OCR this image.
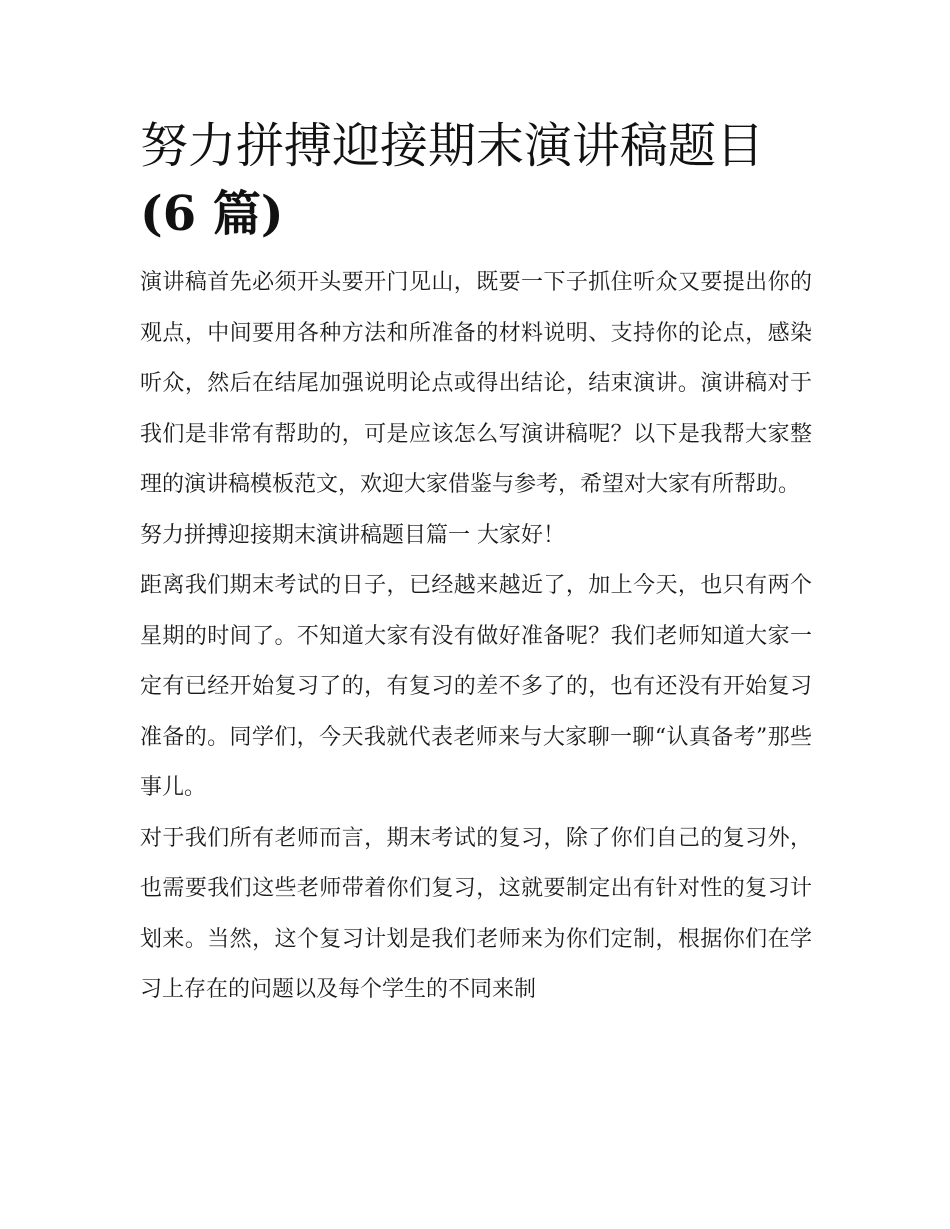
努力拼搏迎接期末演讲稿题目
(6 篇)

演讲稿首先必须开头要开门见山，既要一下子抓住听众又要提出你的观点，中间要用各种方法和所准备的材料说明、支持你的论点，感染听众，然后在结尾加强说明论点或得出结论，结束演讲。演讲稿对于我们是非常有帮助的，可是应该怎么写演讲稿呢？以下是我帮大家整理的演讲稿模板范文，欢迎大家借鉴与参考，希望对大家有所帮助。

努力拼搏迎接期末演讲稿题目篇一 大家好！

距离我们期末考试的日子，已经越来越近了，加上今天，也只有两个星期的时间了。不知道大家有没有做好准备呢？我们老师知道大家一定有已经开始复习了的，有复习的差不多了的，也有还没有开始复习准备的。同学们，今天我就代表老师来与大家聊一聊“认真备考”那些事儿。

对于我们所有老师而言，期末考试的复习，除了你们自己的复习外，也需要我们这些老师带着你们复习，这就要制定出有针对性的复习计划来。当然，这个复习计划是我们老师来为你们定制，根据你们在学习上存在的问题以及每个学生的不同来制
